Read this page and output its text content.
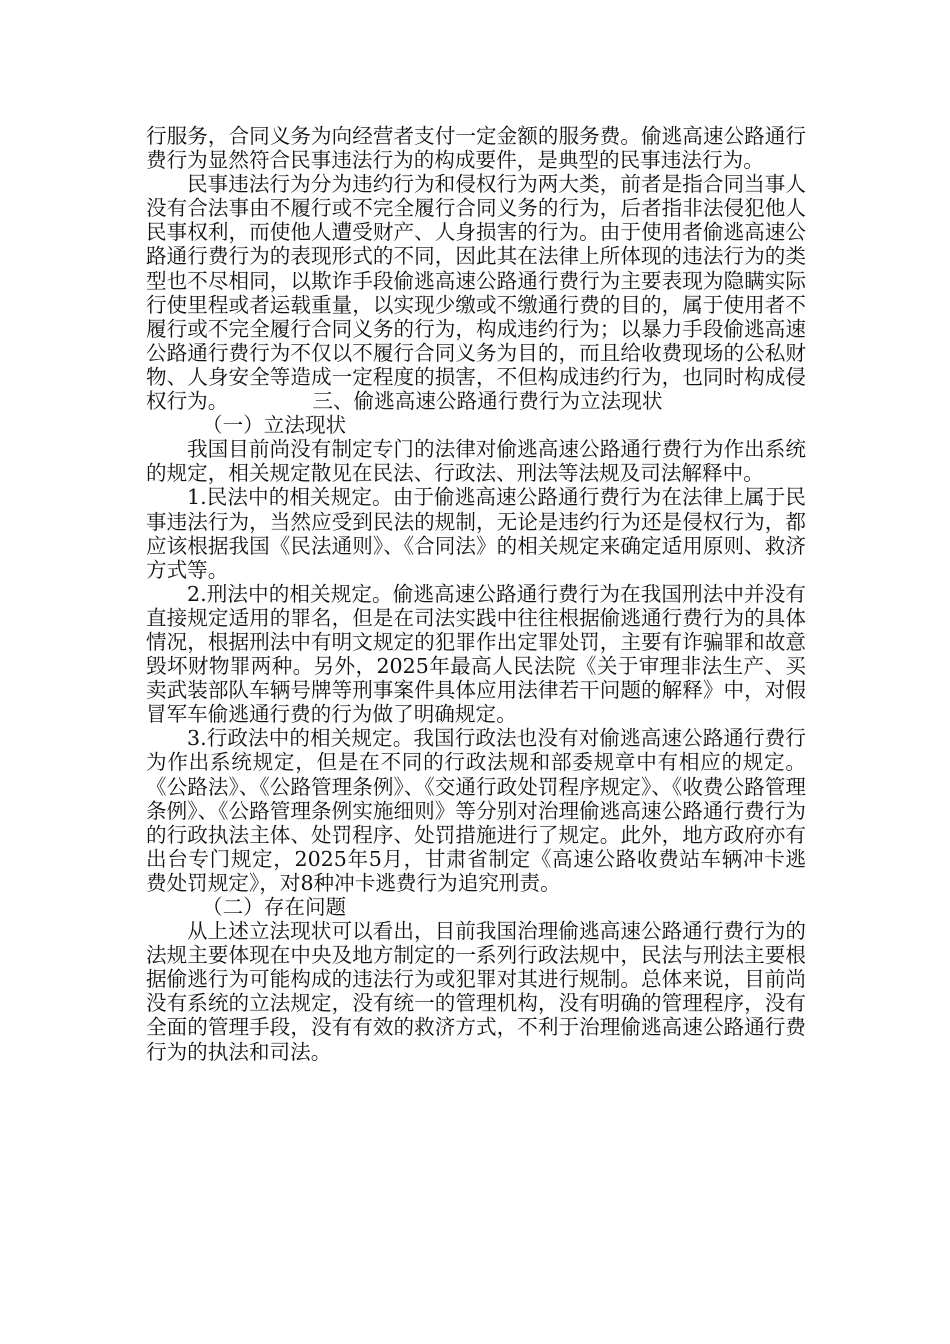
行服务，合同义务为向经营者支付一定金额的服务费。偷逃高速公路通行费行为显然符合民事违法行为的构成要件，是典型的民事违法行为。

民事违法行为分为违约行为和侵权行为两大类，前者是指合同当事人没有合法事由不履行或不完全履行合同义务的行为，后者指非法侵犯他人民事权利，而使他人遭受财产、人身损害的行为。由于使用者偷逃高速公路通行费行为的表现形式的不同，因此其在法律上所体现的违法行为的类型也不尽相同，以欺诈手段偷逃高速公路通行费行为主要表现为隐瞒实际行使里程或者运载重量，以实现少缴或不缴通行费的目的，属于使用者不履行或不完全履行合同义务的行为，构成违约行为；以暴力手段偷逃高速公路通行费行为不仅以不履行合同义务为目的，而且给收费现场的公私财物、人身安全等造成一定程度的损害，不但构成违约行为，也同时构成侵权行为。	三、偷逃高速公路通行费行为立法现状

（一）立法现状

我国目前尚没有制定专门的法律对偷逃高速公路通行费行为作出系统的规定，相关规定散见在民法、行政法、刑法等法规及司法解释中。

1.民法中的相关规定。由于偷逃高速公路通行费行为在法律上属于民事违法行为，当然应受到民法的规制，无论是违约行为还是侵权行为，都应该根据我国《民法通则》、《合同法》的相关规定来确定适用原则、救济方式等。

2.刑法中的相关规定。偷逃高速公路通行费行为在我国刑法中并没有直接规定适用的罪名，但是在司法实践中往往根据偷逃通行费行为的具体情况，根据刑法中有明文规定的犯罪作出定罪处罚，主要有诈骗罪和故意毁坏财物罪两种。另外，2025年最高人民法院《关于审理非法生产、买卖武装部队车辆号牌等刑事案件具体应用法律若干问题的解释》中，对假冒军车偷逃通行费的行为做了明确规定。

3.行政法中的相关规定。我国行政法也没有对偷逃高速公路通行费行为作出系统规定，但是在不同的行政法规和部委规章中有相应的规定。《公路法》、《公路管理条例》、《交通行政处罚程序规定》、《收费公路管理条例》、《公路管理条例实施细则》等分别对治理偷逃高速公路通行费行为的行政执法主体、处罚程序、处罚措施进行了规定。此外，地方政府亦有出台专门规定，2025年5月，甘肃省制定《高速公路收费站车辆冲卡逃费处罚规定》，对8种冲卡逃费行为追究刑责。

（二）存在问题

从上述立法现状可以看出，目前我国治理偷逃高速公路通行费行为的法规主要体现在中央及地方制定的一系列行政法规中，民法与刑法主要根据偷逃行为可能构成的违法行为或犯罪对其进行规制。总体来说，目前尚没有系统的立法规定，没有统一的管理机构，没有明确的管理程序，没有全面的管理手段，没有有效的救济方式，不利于治理偷逃高速公路通行费行为的执法和司法。
